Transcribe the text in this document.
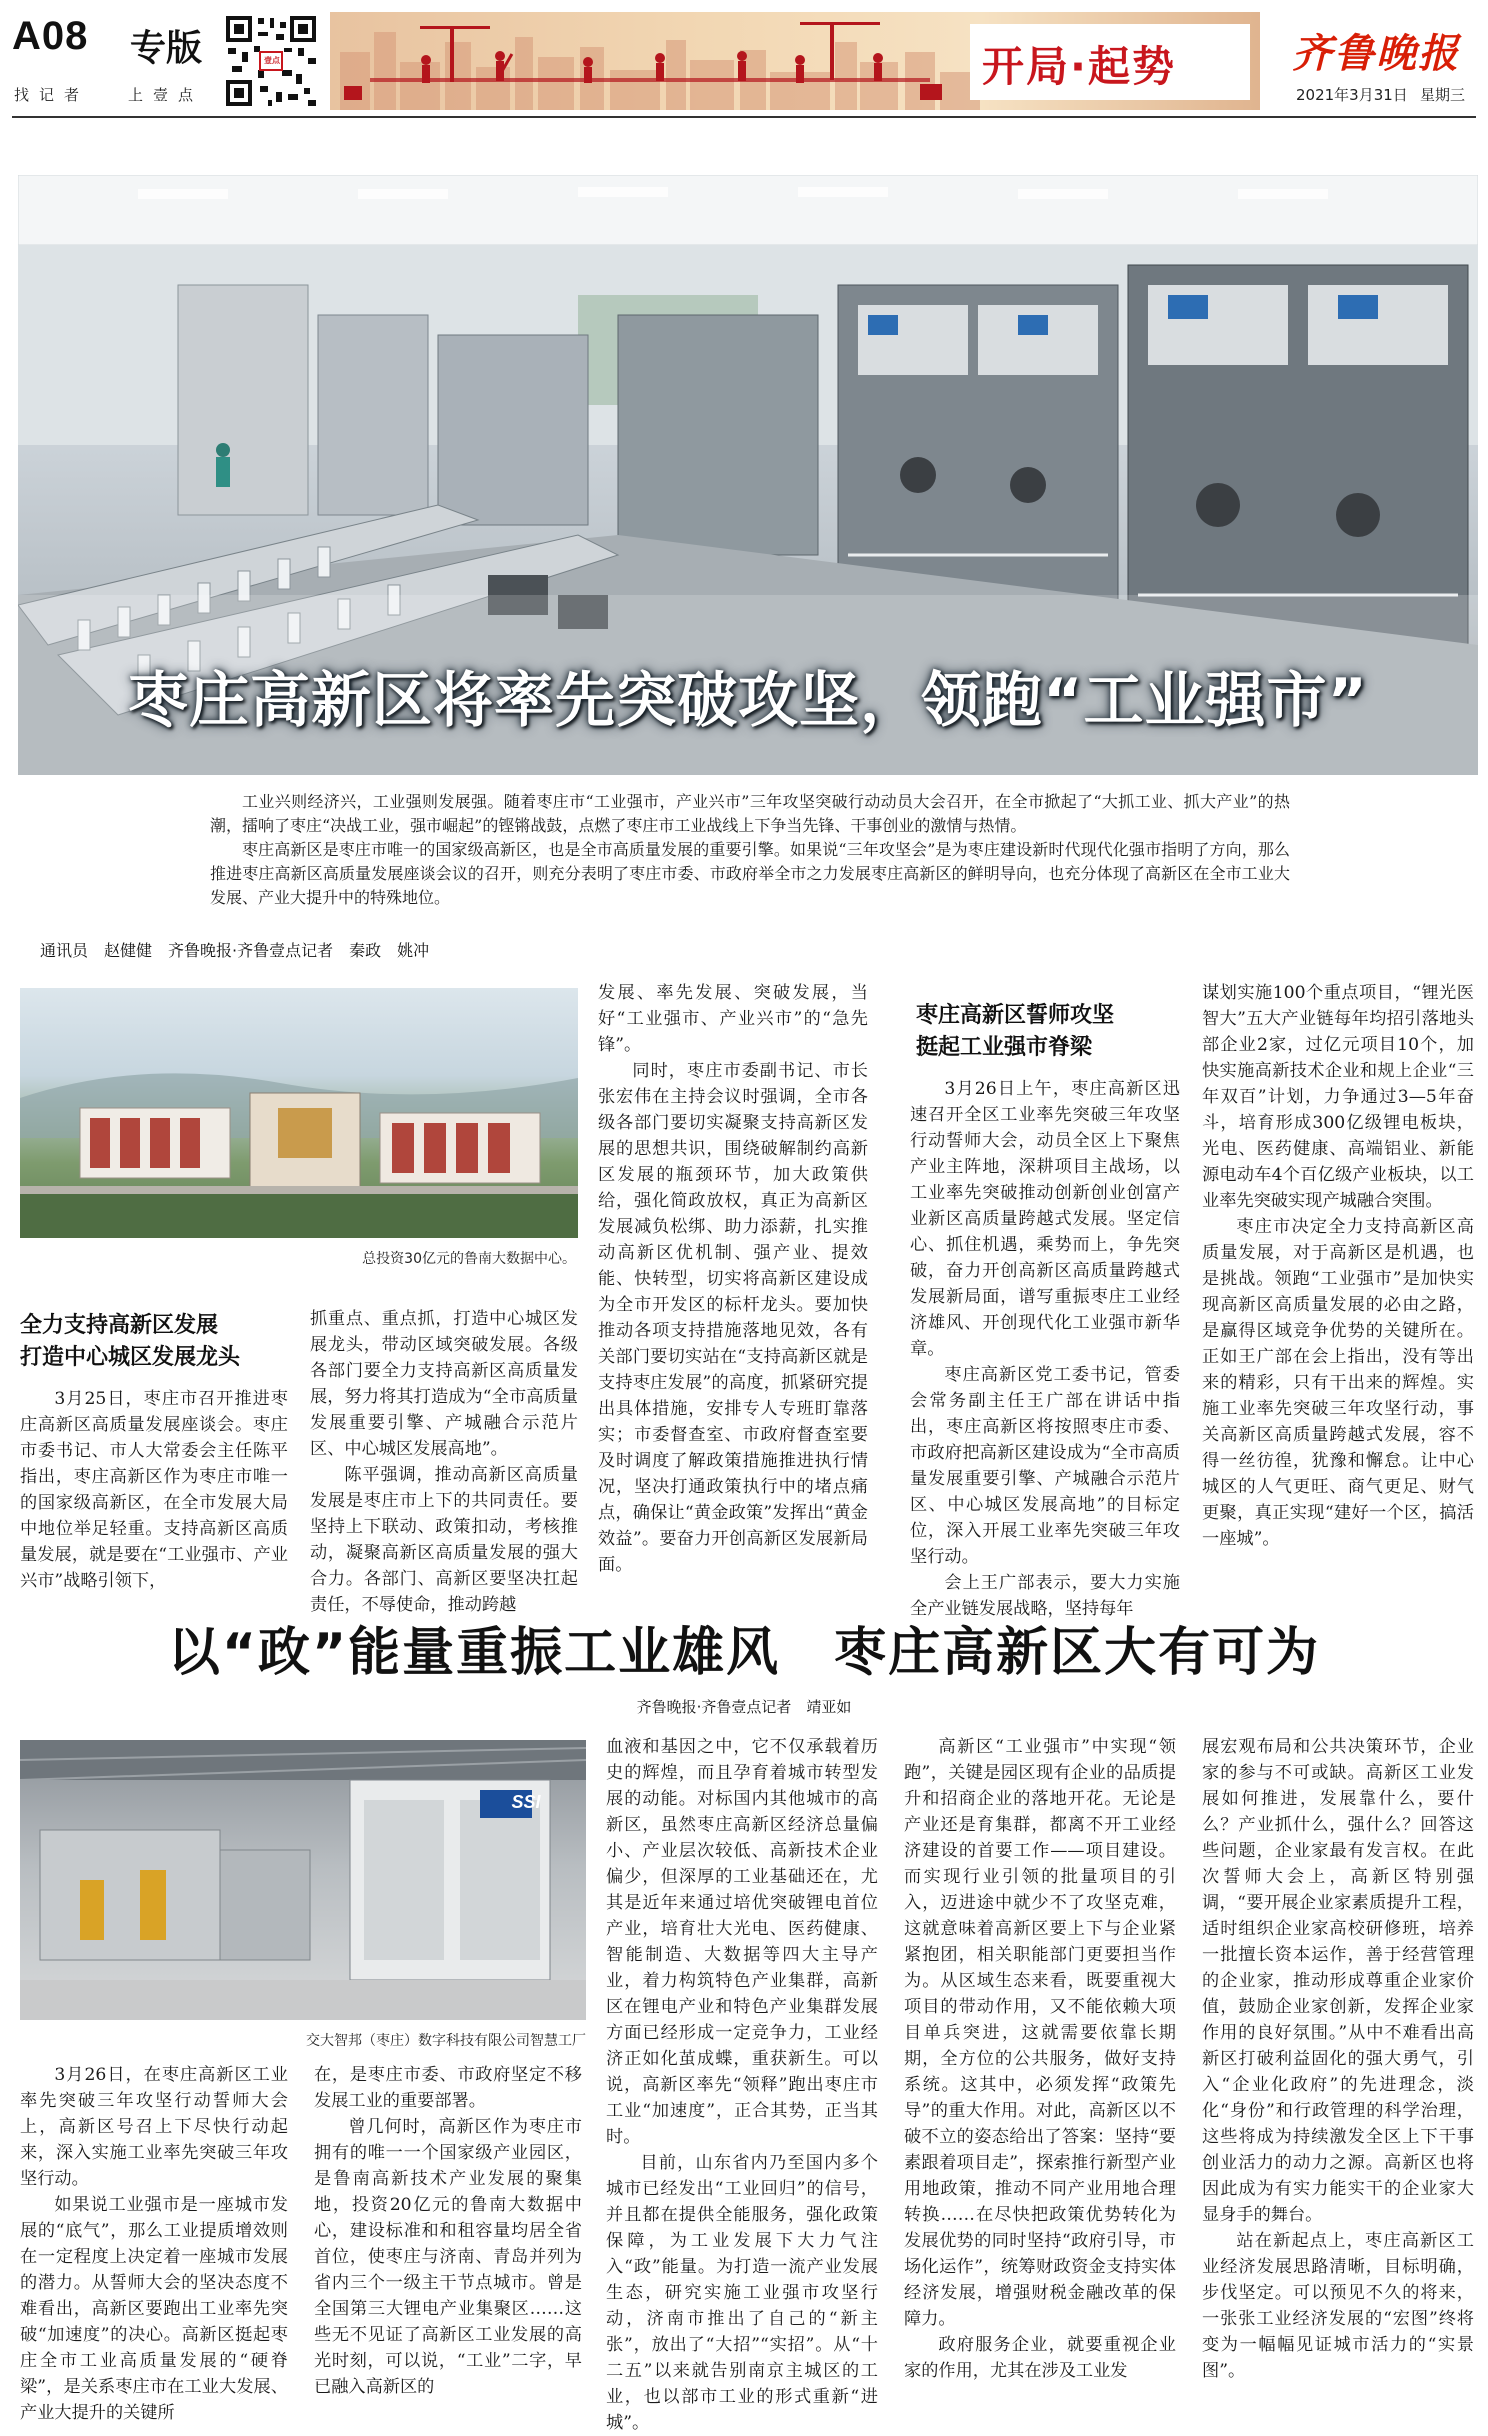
A08 专版
找记者	上壹点
壹点	开局·起势	齐鲁晚报
2021年3月31日 星期三
枣庄高新区将率先突破攻坚，领跑“工业强市”

工业兴则经济兴，工业强则发展强。随着枣庄市“工业强市，产业兴市”三年攻坚突破行动动员大会召开，在全市掀起了“大抓工业、抓大产业”的热潮，擂响了枣庄“决战工业，强市崛起”的铿锵战鼓，点燃了枣庄市工业战线上下争当先锋、干事创业的激情与热情。

枣庄高新区是枣庄市唯一的国家级高新区，也是全市高质量发展的重要引擎。如果说“三年攻坚会”是为枣庄建设新时代现代化强市指明了方向，那么推进枣庄高新区高质量发展座谈会议的召开，则充分表明了枣庄市委、市政府举全市之力发展枣庄高新区的鲜明导向，也充分体现了高新区在全市工业大发展、产业大提升中的特殊地位。

通讯员　赵健健　齐鲁晚报·齐鲁壹点记者　秦政　姚冲
总投资30亿元的鲁南大数据中心。
全力支持高新区发展
打造中心城区发展龙头

3月25日，枣庄市召开推进枣庄高新区高质量发展座谈会。枣庄市委书记、市人大常委会主任陈平指出，枣庄高新区作为枣庄市唯一的国家级高新区，在全市发展大局中地位举足轻重。支持高新区高质量发展，就是要在“工业强市、产业兴市”战略引领下，

抓重点、重点抓，打造中心城区发展龙头，带动区域突破发展。各级各部门要全力支持高新区高质量发展，努力将其打造成为“全市高质量发展重要引擎、产城融合示范片区、中心城区发展高地”。

陈平强调，推动高新区高质量发展是枣庄市上下的共同责任。要坚持上下联动、政策扣动，考核推动，凝聚高新区高质量发展的强大合力。各部门、高新区要坚决扛起责任，不辱使命，推动跨越

发展、率先发展、突破发展，当好“工业强市、产业兴市”的“急先锋”。

同时，枣庄市委副书记、市长张宏伟在主持会议时强调，全市各级各部门要切实凝聚支持高新区发展的思想共识，围绕破解制约高新区发展的瓶颈环节，加大政策供给，强化简政放权，真正为高新区发展减负松绑、助力添薪，扎实推动高新区优机制、强产业、提效能、快转型，切实将高新区建设成为全市开发区的标杆龙头。要加快推动各项支持措施落地见效，各有关部门要切实站在“支持高新区就是支持枣庄发展”的高度，抓紧研究提出具体措施，安排专人专班盯靠落实；市委督查室、市政府督查室要及时调度了解政策措施推进执行情况，坚决打通政策执行中的堵点痛点，确保让“黄金政策”发挥出“黄金效益”。要奋力开创高新区发展新局面。

枣庄高新区誓师攻坚
挺起工业强市脊梁

3月26日上午，枣庄高新区迅速召开全区工业率先突破三年攻坚行动誓师大会，动员全区上下聚焦产业主阵地，深耕项目主战场，以工业率先突破推动创新创业创富产业新区高质量跨越式发展。坚定信心、抓住机遇，乘势而上，争先突破，奋力开创高新区高质量跨越式发展新局面，谱写重振枣庄工业经济雄风、开创现代化工业强市新华章。

枣庄高新区党工委书记，管委会常务副主任王广部在讲话中指出，枣庄高新区将按照枣庄市委、市政府把高新区建设成为“全市高质量发展重要引擎、产城融合示范片区、中心城区发展高地”的目标定位，深入开展工业率先突破三年攻坚行动。

会上王广部表示，要大力实施全产业链发展战略，坚持每年

谋划实施100个重点项目，“锂光医智大”五大产业链每年均招引落地头部企业2家，过亿元项目10个，加快实施高新技术企业和规上企业“三年双百”计划，力争通过3—5年奋斗，培育形成300亿级锂电板块，光电、医药健康、高端铝业、新能源电动车4个百亿级产业板块，以工业率先突破实现产城融合突围。

枣庄市决定全力支持高新区高质量发展，对于高新区是机遇，也是挑战。领跑“工业强市”是加快实现高新区高质量发展的必由之路，是赢得区域竞争优势的关键所在。正如王广部在会上指出，没有等出来的精彩，只有干出来的辉煌。实施工业率先突破三年攻坚行动，事关高新区高质量跨越式发展，容不得一丝彷徨，犹豫和懈怠。让中心城区的人气更旺、商气更足、财气更聚，真正实现“建好一个区，搞活一座城”。

以“政”能量重振工业雄风　枣庄高新区大有可为
齐鲁晚报·齐鲁壹点记者　靖亚如
SSI
交大智邦（枣庄）数字科技有限公司智慧工厂

3月26日，在枣庄高新区工业率先突破三年攻坚行动誓师大会上，高新区号召上下尽快行动起来，深入实施工业率先突破三年攻坚行动。

如果说工业强市是一座城市发展的“底气”，那么工业提质增效则在一定程度上决定着一座城市发展的潜力。从誓师大会的坚决态度不难看出，高新区要跑出工业率先突破“加速度”的决心。高新区挺起枣庄全市工业高质量发展的“硬脊梁”，是关系枣庄市在工业大发展、产业大提升的关键所

在，是枣庄市委、市政府坚定不移发展工业的重要部署。

曾几何时，高新区作为枣庄市拥有的唯一一个国家级产业园区，是鲁南高新技术产业发展的聚集地，投资20亿元的鲁南大数据中心，建设标准和和租容量均居全省首位，使枣庄与济南、青岛并列为省内三个一级主干节点城市。曾是全国第三大锂电产业集聚区……这些无不见证了高新区工业发展的高光时刻，可以说，“工业”二字，早已融入高新区的

血液和基因之中，它不仅承载着历史的辉煌，而且孕育着城市转型发展的动能。对标国内其他城市的高新区，虽然枣庄高新区经济总量偏小、产业层次较低、高新技术企业偏少，但深厚的工业基础还在，尤其是近年来通过培优突破锂电首位产业，培育壮大光电、医药健康、智能制造、大数据等四大主导产业，着力构筑特色产业集群，高新区在锂电产业和特色产业集群发展方面已经形成一定竞争力，工业经济正如化茧成蝶，重获新生。可以说，高新区率先“领释”跑出枣庄市工业“加速度”，正合其势，正当其时。

目前，山东省内乃至国内多个城市已经发出“工业回归”的信号，并且都在提供全能服务，强化政策保障，为工业发展下大力气注入“政”能量。为打造一流产业发展生态，研究实施工业强市攻坚行动，济南市推出了自己的“新主张”，放出了“大招”“实招”。从“十二五”以来就告别南京主城区的工业，也以部市工业的形式重新“进城”。

高新区“工业强市”中实现“领跑”，关键是园区现有企业的品质提升和招商企业的落地开花。无论是产业还是育集群，都离不开工业经济建设的首要工作——项目建设。而实现行业引领的批量项目的引入，迈进途中就少不了攻坚克难，这就意味着高新区要上下与企业紧紧抱团，相关职能部门更要担当作为。从区域生态来看，既要重视大项目的带动作用，又不能依赖大项目单兵突进，这就需要依靠长期期，全方位的公共服务，做好支持系统。这其中，必须发挥“政策先导”的重大作用。对此，高新区以不破不立的姿态给出了答案：坚持“要素跟着项目走”，探索推行新型产业用地政策，推动不同产业用地合理转换……在尽快把政策优势转化为发展优势的同时坚持“政府引导，市场化运作”，统筹财政资金支持实体经济发展，增强财税金融改革的保障力。

政府服务企业，就要重视企业家的作用，尤其在涉及工业发

展宏观布局和公共决策环节，企业家的参与不可或缺。高新区工业发展如何推进，发展靠什么，要什么？产业抓什么，强什么？回答这些问题，企业家最有发言权。在此次誓师大会上，高新区特别强调，“要开展企业家素质提升工程，适时组织企业家高校研修班，培养一批擅长资本运作，善于经营管理的企业家，推动形成尊重企业家价值，鼓励企业家创新，发挥企业家作用的良好氛围。”从中不难看出高新区打破利益固化的强大勇气，引入“企业化政府”的先进理念，淡化“身份”和行政管理的科学治理，这些将成为持续激发全区上下干事创业活力的动力之源。高新区也将因此成为有实力能实干的企业家大显身手的舞台。

站在新起点上，枣庄高新区工业经济发展思路清晰，目标明确，步伐坚定。可以预见不久的将来，一张张工业经济发展的“宏图”终将变为一幅幅见证城市活力的“实景图”。
